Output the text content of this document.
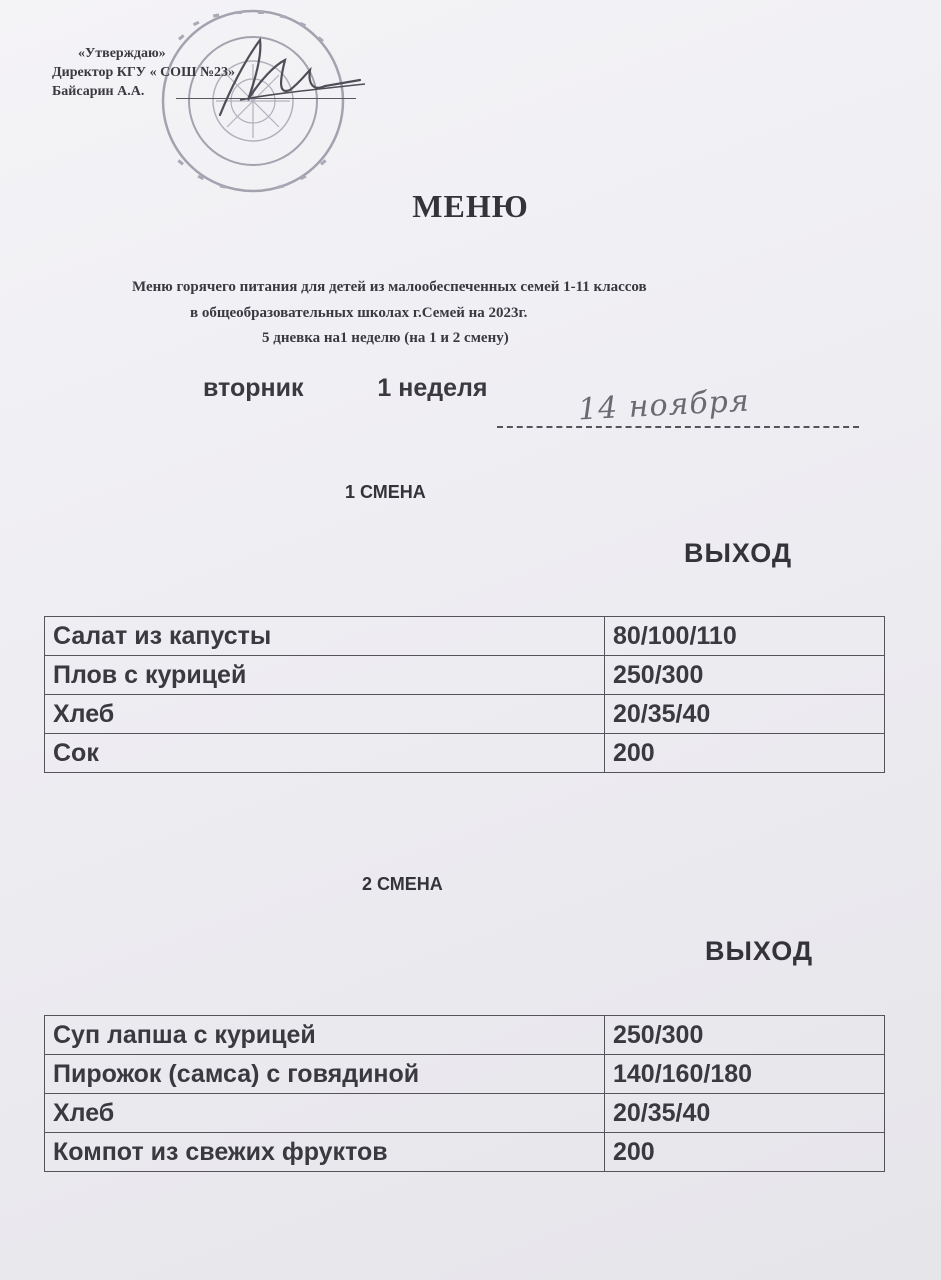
«Утверждаю»
Директор КГУ « СОШ №23»
Байсарин А.А.
МЕНЮ
Меню горячего питания для детей из малообеспеченных семей 1-11 классов
в общеобразовательных школах г.Семей на 2023г.
5 дневка на1 неделю (на 1 и 2 смену)
вторник	1 неделя	14 ноября
1 СМЕНА
ВЫХОД
Салат из капусты	80/100/110
Плов с курицей	250/300
Хлеб	20/35/40
Сок	200
2 СМЕНА
ВЫХОД
Суп лапша с курицей	250/300
Пирожок (самса) с говядиной	140/160/180
Хлеб	20/35/40
Компот из свежих фруктов	200
